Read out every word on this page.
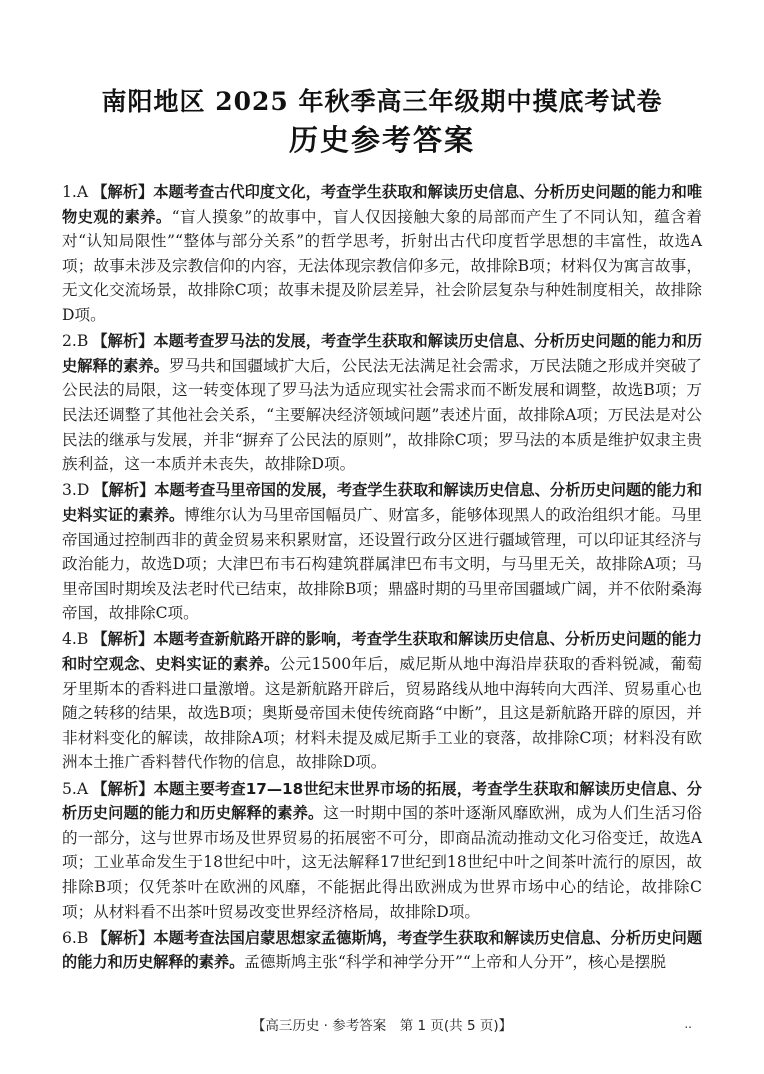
南阳地区 2025 年秋季高三年级期中摸底考试卷
历史参考答案
1.A 【解析】本题考查古代印度文化，考查学生获取和解读历史信息、分析历史问题的能力和唯物史观的素养。“盲人摸象”的故事中，盲人仅因接触大象的局部而产生了不同认知，蕴含着对“认知局限性”“整体与部分关系”的哲学思考，折射出古代印度哲学思想的丰富性，故选A项；故事未涉及宗教信仰的内容，无法体现宗教信仰多元，故排除B项；材料仅为寓言故事，无文化交流场景，故排除C项；故事未提及阶层差异，社会阶层复杂与种姓制度相关，故排除D项。
2.B 【解析】本题考查罗马法的发展，考查学生获取和解读历史信息、分析历史问题的能力和历史解释的素养。罗马共和国疆域扩大后，公民法无法满足社会需求，万民法随之形成并突破了公民法的局限，这一转变体现了罗马法为适应现实社会需求而不断发展和调整，故选B项；万民法还调整了其他社会关系，“主要解决经济领域问题”表述片面，故排除A项；万民法是对公民法的继承与发展，并非“摒弃了公民法的原则”，故排除C项；罗马法的本质是维护奴隶主贵族利益，这一本质并未丧失，故排除D项。
3.D 【解析】本题考查马里帝国的发展，考查学生获取和解读历史信息、分析历史问题的能力和史料实证的素养。博维尔认为马里帝国幅员广、财富多，能够体现黑人的政治组织才能。马里帝国通过控制西非的黄金贸易来积累财富，还设置行政分区进行疆域管理，可以印证其经济与政治能力，故选D项；大津巴布韦石构建筑群属津巴布韦文明，与马里无关，故排除A项；马里帝国时期埃及法老时代已结束，故排除B项；鼎盛时期的马里帝国疆域广阔，并不依附桑海帝国，故排除C项。
4.B 【解析】本题考查新航路开辟的影响，考查学生获取和解读历史信息、分析历史问题的能力和时空观念、史料实证的素养。公元1500年后，威尼斯从地中海沿岸获取的香料锐减，葡萄牙里斯本的香料进口量激增。这是新航路开辟后，贸易路线从地中海转向大西洋、贸易重心也随之转移的结果，故选B项；奥斯曼帝国未使传统商路“中断”，且这是新航路开辟的原因，并非材料变化的解读，故排除A项；材料未提及威尼斯手工业的衰落，故排除C项；材料没有欧洲本土推广香料替代作物的信息，故排除D项。
5.A 【解析】本题主要考查17—18世纪末世界市场的拓展，考查学生获取和解读历史信息、分析历史问题的能力和历史解释的素养。这一时期中国的茶叶逐渐风靡欧洲，成为人们生活习俗的一部分，这与世界市场及世界贸易的拓展密不可分，即商品流动推动文化习俗变迁，故选A项；工业革命发生于18世纪中叶，这无法解释17世纪到18世纪中叶之间茶叶流行的原因，故排除B项；仅凭茶叶在欧洲的风靡，不能据此得出欧洲成为世界市场中心的结论，故排除C项；从材料看不出茶叶贸易改变世界经济格局，故排除D项。
6.B 【解析】本题考查法国启蒙思想家孟德斯鸠，考查学生获取和解读历史信息、分析历史问题的能力和历史解释的素养。孟德斯鸠主张“科学和神学分开”“上帝和人分开”，核心是摆脱
【高三历史 · 参考答案　第 1 页(共 5 页)】	..
